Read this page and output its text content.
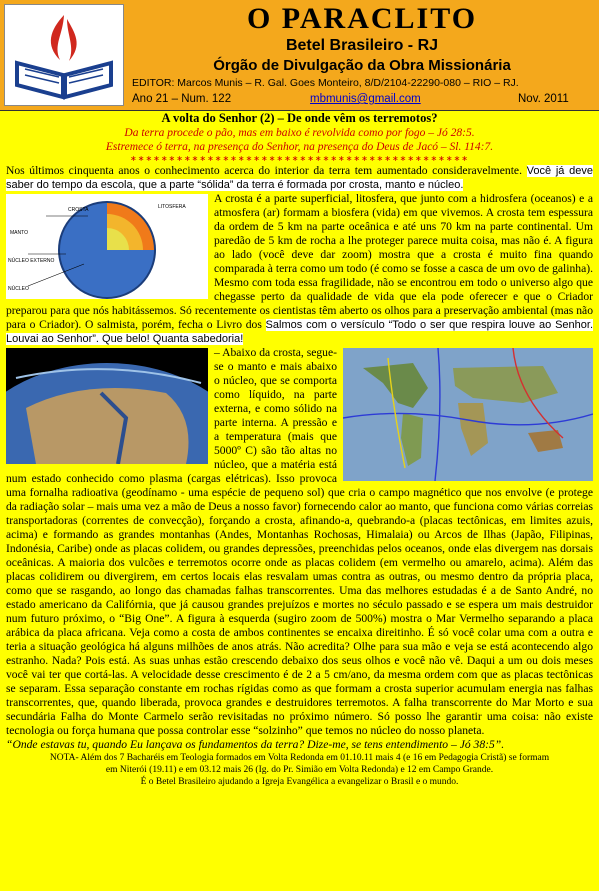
O PARACLITO
Betel Brasileiro - RJ
Órgão de Divulgação da Obra Missionária
EDITOR: Marcos Munis – R. Gal. Goes Monteiro, 8/D/2104-22290-080 – RIO – RJ.
Ano 21 – Num. 122	mbmunis@gmail.com	Nov. 2011

A volta do Senhor (2) – De onde vêm os terremotos?

Da terra procede o pão, mas em baixo é revolvida como por fogo – Jó 28:5.

Estremece ó terra, na presença do Senhor, na presença do Deus de Jacó – Sl. 114:7.

∗∗∗∗∗∗∗∗∗∗∗∗∗∗∗∗∗∗∗∗∗∗∗∗∗∗∗∗∗∗∗∗∗∗∗∗∗∗∗∗∗∗∗∗

Nos últimos cinquenta anos o conhecimento acerca do interior da terra tem aumentado consideravelmente. Você já deve saber do tempo da escola, que a parte “sólida” da terra é formada por crosta, manto e núcleo.

MANTO
CROSTA
NÚCLEO EXTERNO
NÚCLEO
LITOSFERA

A crosta é a parte superficial, litosfera, que junto com a hidrosfera (oceanos) e a atmosfera (ar) formam a biosfera (vida) em que vivemos. A crosta tem espessura da ordem de 5 km na parte oceânica e até uns 70 km na parte continental. Um paredão de 5 km de rocha a lhe proteger parece muita coisa, mas não é. A figura ao lado (você deve dar zoom) mostra que a crosta é muito fina quando comparada à terra como um todo (é como se fosse a casca de um ovo de galinha). Mesmo com toda essa fragilidade, não se encontrou em todo o universo algo que chegasse perto da qualidade de vida que ela pode oferecer e que o Criador preparou para que nós habitássemos. Só recentemente os cientistas têm aberto os olhos para a preservação ambiental (mas não para o Criador). O salmista, porém, fecha o Livro dos Salmos com o versículo “Todo o ser que respira louve ao Senhor. Louvai ao Senhor”. Que belo! Quanta sabedoria!

– Abaixo da crosta, segue-se o manto e mais abaixo o núcleo, que se comporta como líquido, na parte externa, e como sólido na parte interna. A pressão e a temperatura (mais que 5000º C) são tão altas no núcleo, que a matéria está num estado conhecido como plasma (cargas elétricas). Isso provoca uma fornalha radioativa (geodínamo - uma espécie de pequeno sol) que cria o campo magnético que nos envolve (e protege da radiação solar – mais uma vez a mão de Deus a nosso favor) fornecendo calor ao manto, que funciona como várias correias transportadoras (correntes de convecção), forçando a crosta, afinando-a, quebrando-a (placas tectônicas, em limites azuis, acima) e formando as grandes montanhas (Andes, Montanhas Rochosas, Himalaia) ou Arcos de Ilhas (Japão, Filipinas, Indonésia, Caribe) onde as placas colidem, ou grandes depressões, preenchidas pelos oceanos, onde elas divergem nas dorsais oceânicas. A maioria dos vulcões e terremotos ocorre onde as placas colidem (em vermelho ou amarelo, acima). Além das placas colidirem ou divergirem, em certos locais elas resvalam umas contra as outras, ou mesmo dentro da própria placa, como que se rasgando, ao longo das chamadas falhas transcorrentes. Uma das melhores estudadas é a de Santo André, no estado americano da Califórnia, que já causou grandes prejuízos e mortes no século passado e se espera um mais destruidor num futuro próximo, o “Big One”. A figura à esquerda (sugiro zoom de 500%) mostra o Mar Vermelho separando a placa arábica da placa africana. Veja como a costa de ambos continentes se encaixa direitinho. É só você colar uma com a outra e teria a situação geológica há alguns milhões de anos atrás. Não acredita? Olhe para sua mão e veja se está acontecendo algo estranho. Nada? Pois está. As suas unhas estão crescendo debaixo dos seus olhos e você não vê. Daqui a um ou dois meses você vai ter que cortá-las. A velocidade desse crescimento é de 2 a 5 cm/ano, da mesma ordem com que as placas tectônicas se separam. Essa separação constante em rochas rígidas como as que formam a crosta superior acumulam energia nas falhas transcorrentes, que, quando liberada, provoca grandes e destruidores terremotos. A falha transcorrente do Mar Morto e sua secundária Falha do Monte Carmelo serão revisitadas no próximo número. Só posso lhe garantir uma coisa: não existe tecnologia ou força humana que possa controlar esse “solzinho” que temos no núcleo do nosso planeta.

“Onde estavas tu, quando Eu lançava os fundamentos da terra? Dize-me, se tens entendimento – Jó 38:5”.

NOTA- Além dos 7 Bacharéis em Teologia formados em Volta Redonda em 01.10.11 mais 4 (e 16 em Pedagogia Cristã) se formam

em Niterói (19.11) e em 03.12 mais 26 (Ig. do Pr. Simião em Volta Redonda) e 12 em Campo Grande.

É o Betel Brasileiro ajudando a Igreja Evangélica a evangelizar o Brasil e o mundo.
